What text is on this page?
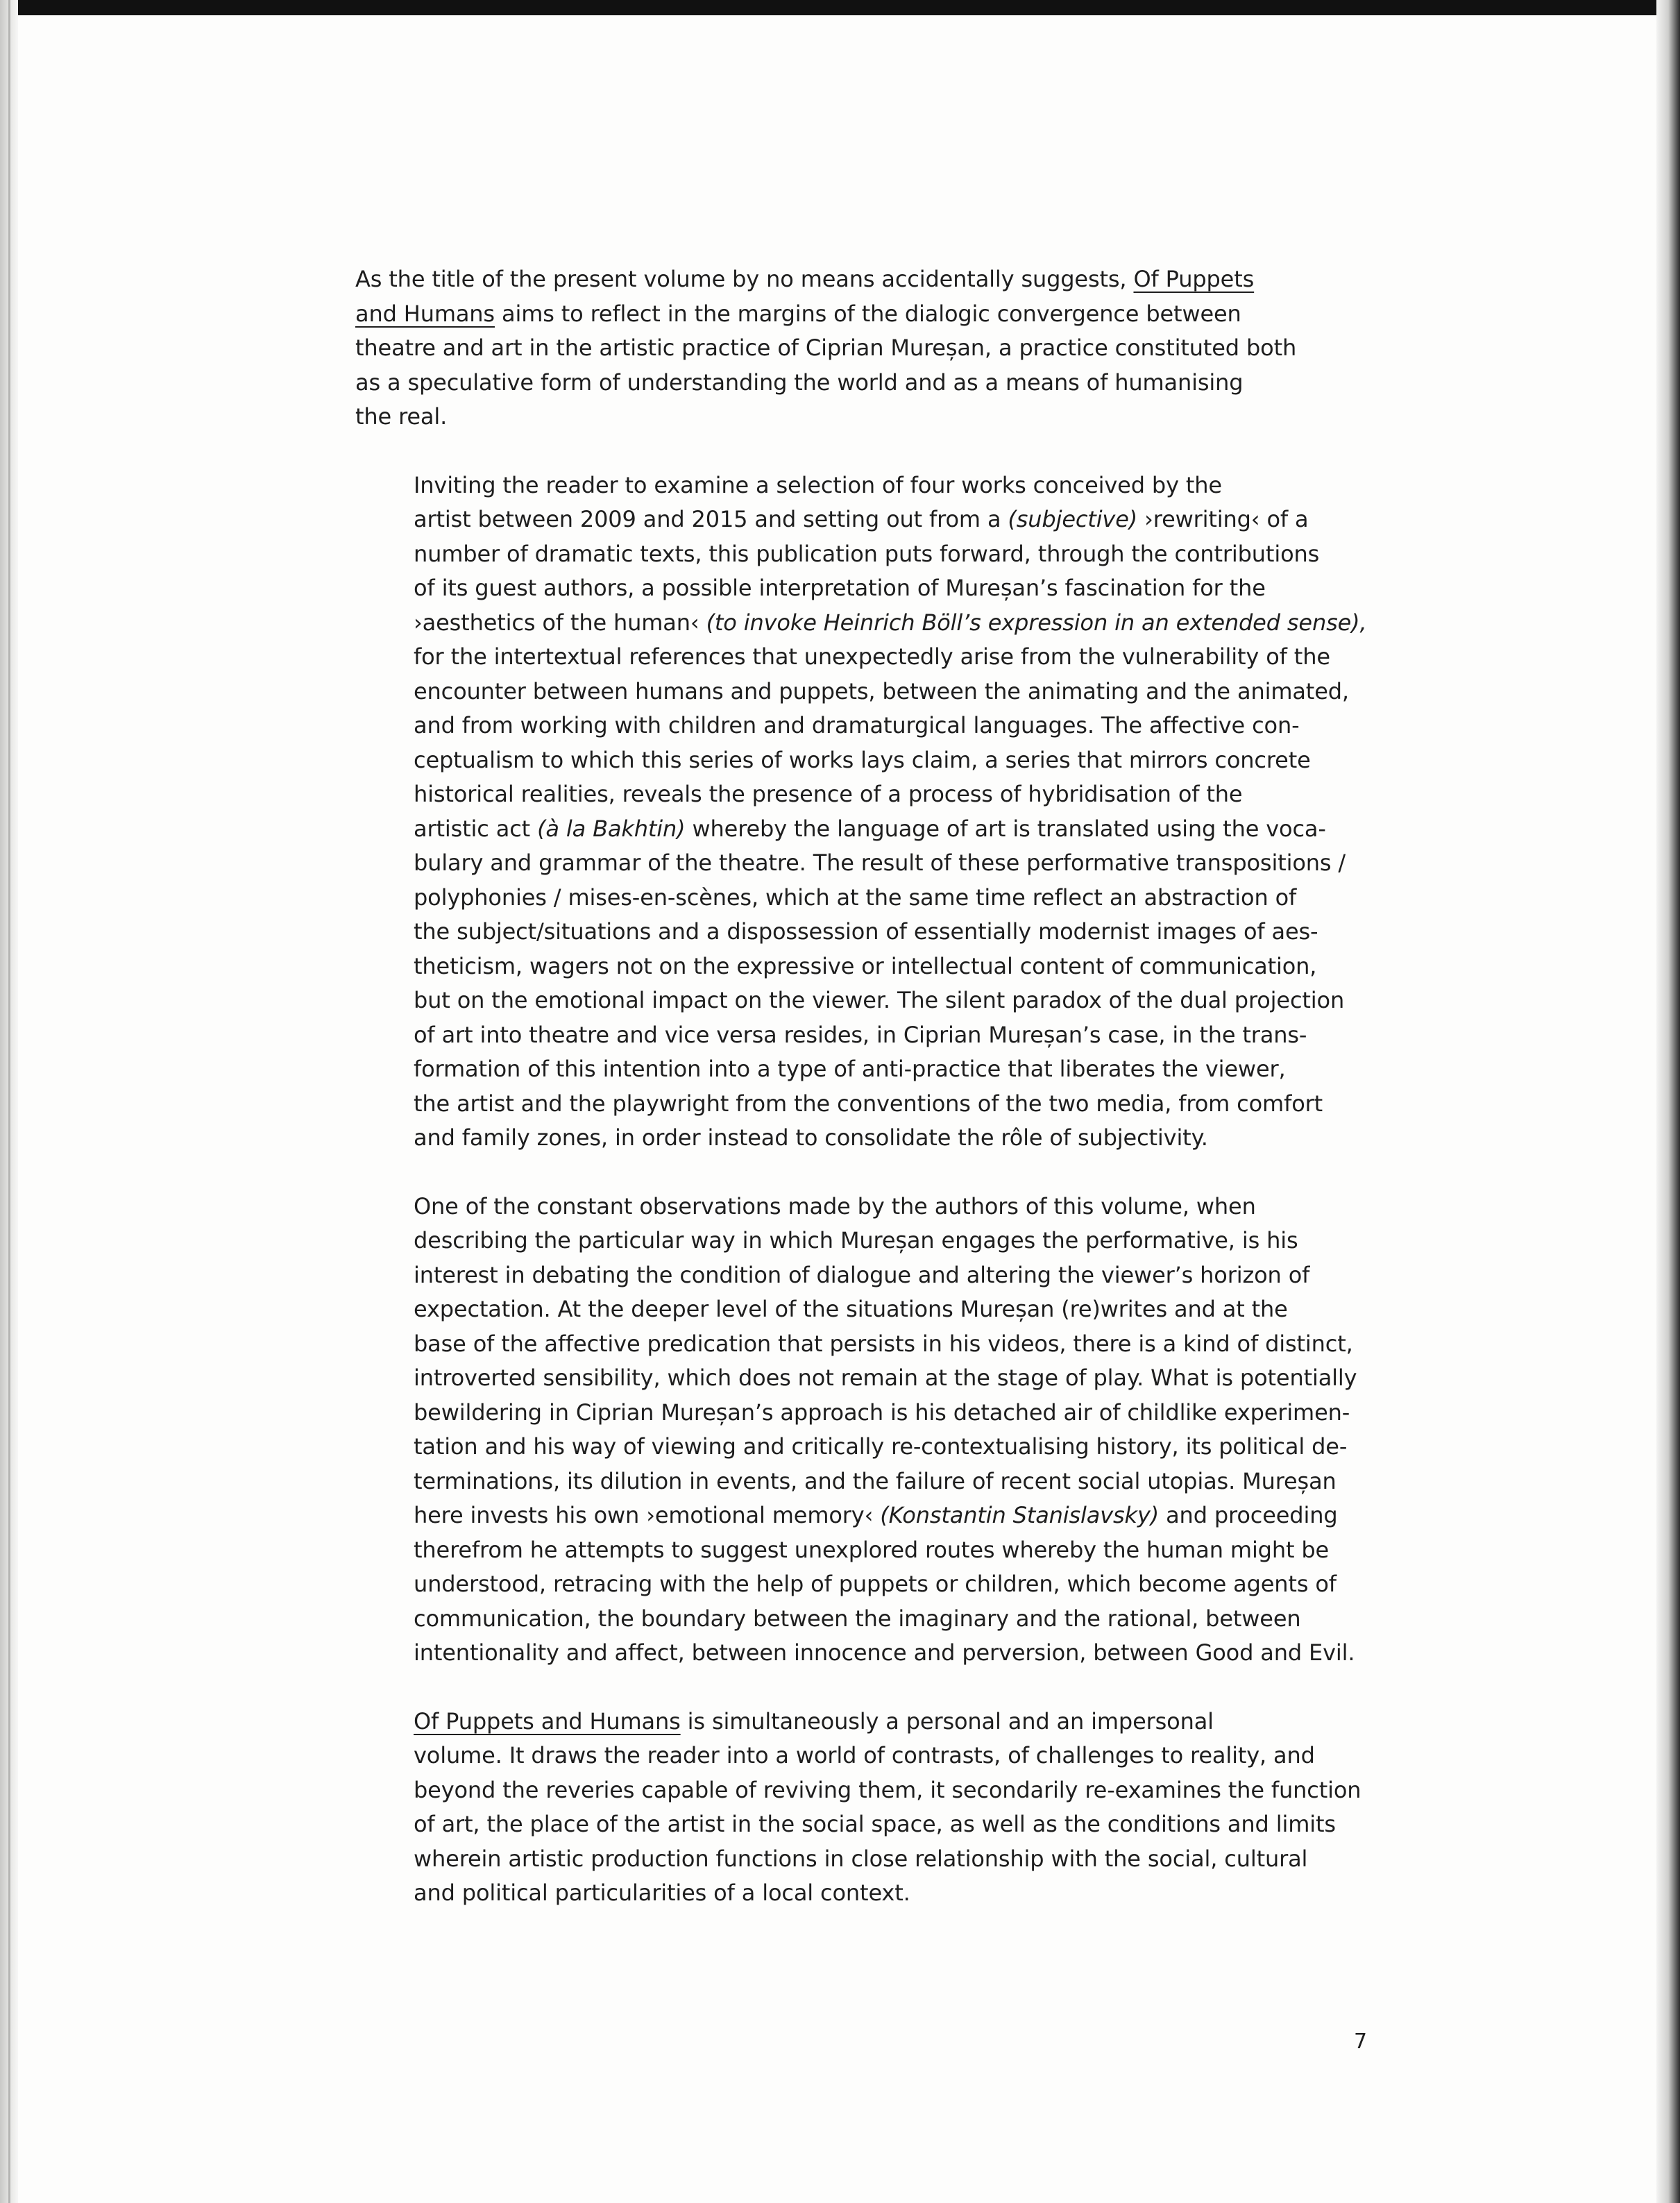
As the title of the present volume by no means accidentally suggests, Of Puppets
and Humans aims to reflect in the margins of the dialogic convergence between
theatre and art in the artistic practice of Ciprian Mureșan, a practice constituted both
as a speculative form of understanding the world and as a means of humanising
the real.
Inviting the reader to examine a selection of four works conceived by the
artist between 2009 and 2015 and setting out from a (subjective) ›rewriting‹ of a
number of dramatic texts, this publication puts forward, through the contributions
of its guest authors, a possible interpretation of Mureșan’s fascination for the
›aesthetics of the human‹ (to invoke Heinrich Böll’s expression in an extended sense),
for the intertextual references that unexpectedly arise from the vulnerability of the
encounter between humans and puppets, between the animating and the animated,
and from working with children and dramaturgical languages. The affective con-
ceptualism to which this series of works lays claim, a series that mirrors concrete
historical realities, reveals the presence of a process of hybridisation of the
artistic act (à la Bakhtin) whereby the language of art is translated using the voca-
bulary and grammar of the theatre. The result of these performative transpositions /
polyphonies / mises-en-scènes, which at the same time reflect an abstraction of
the subject/situations and a dispossession of essentially modernist images of aes-
theticism, wagers not on the expressive or intellectual content of communication,
but on the emotional impact on the viewer. The silent paradox of the dual projection
of art into theatre and vice versa resides, in Ciprian Mureșan’s case, in the trans-
formation of this intention into a type of anti-practice that liberates the viewer,
the artist and the playwright from the conventions of the two media, from comfort
and family zones, in order instead to consolidate the rôle of subjectivity.
One of the constant observations made by the authors of this volume, when
describing the particular way in which Mureșan engages the performative, is his
interest in debating the condition of dialogue and altering the viewer’s horizon of
expectation. At the deeper level of the situations Mureșan (re)writes and at the
base of the affective predication that persists in his videos, there is a kind of distinct,
introverted sensibility, which does not remain at the stage of play. What is potentially
bewildering in Ciprian Mureșan’s approach is his detached air of childlike experimen-
tation and his way of viewing and critically re-contextualising history, its political de-
terminations, its dilution in events, and the failure of recent social utopias. Mureșan
here invests his own ›emotional memory‹ (Konstantin Stanislavsky) and proceeding
therefrom he attempts to suggest unexplored routes whereby the human might be
understood, retracing with the help of puppets or children, which become agents of
communication, the boundary between the imaginary and the rational, between
intentionality and affect, between innocence and perversion, between Good and Evil.
Of Puppets and Humans is simultaneously a personal and an impersonal
volume. It draws the reader into a world of contrasts, of challenges to reality, and
beyond the reveries capable of reviving them, it secondarily re-examines the function
of art, the place of the artist in the social space, as well as the conditions and limits
wherein artistic production functions in close relationship with the social, cultural
and political particularities of a local context.
7
